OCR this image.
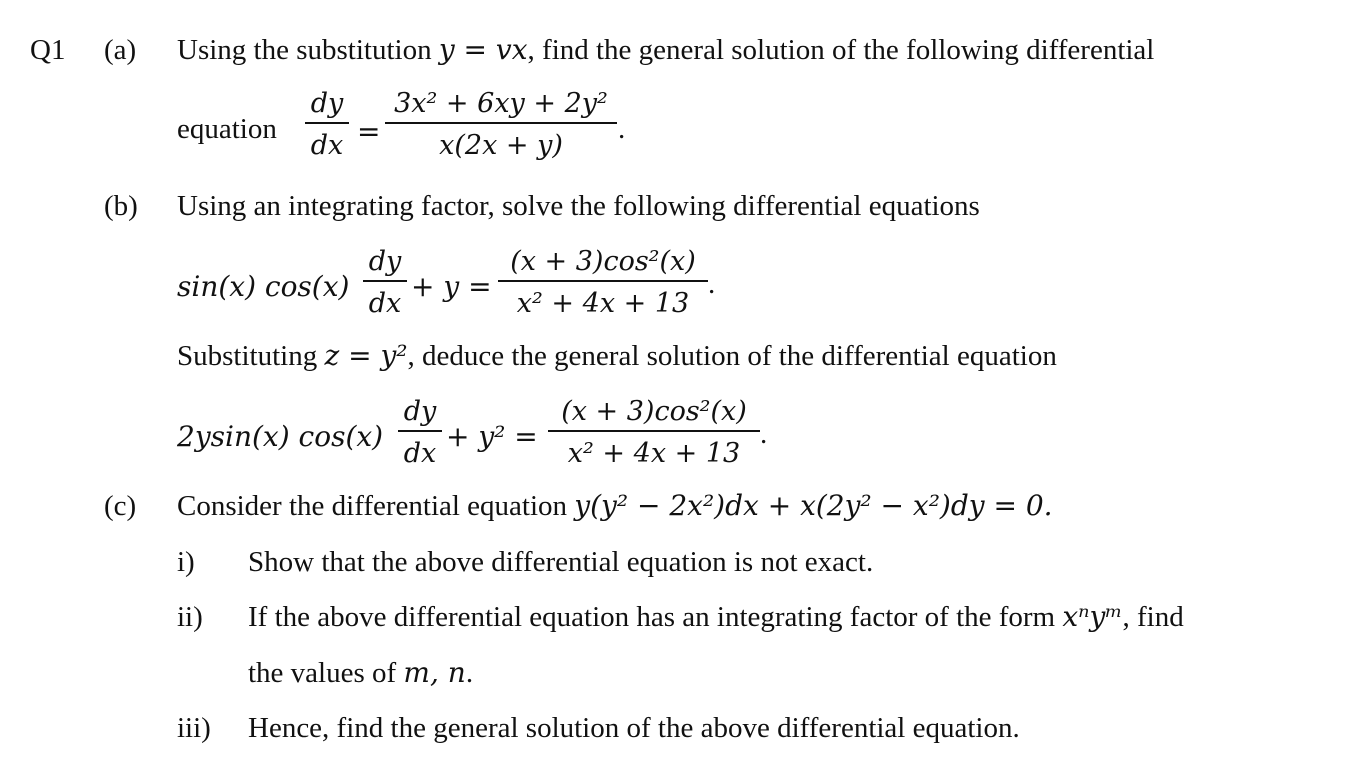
Q1 (a) Using the substitution y = vx, find the general solution of the following differential
equation
dy
dx =
3x² + 6xy + 2y²
x(2x + y)
.
(b) Using an integrating factor, solve the following differential equations
sin(x) cos(x)
dy
dx
+ y =
(x + 3)cos²(x)
x² + 4x + 13
.
Substituting z = y², deduce the general solution of the differential equation
2ysin(x) cos(x)
dy
dx
+ y² =
(x + 3)cos²(x)
x² + 4x + 13
.
(c) Consider the differential equation y(y² − 2x²)dx + x(2y² − x²)dy = 0.
i) Show that the above differential equation is not exact.
ii) If the above differential equation has an integrating factor of the form xⁿyᵐ, find
the values of m, n.
iii) Hence, find the general solution of the above differential equation.
